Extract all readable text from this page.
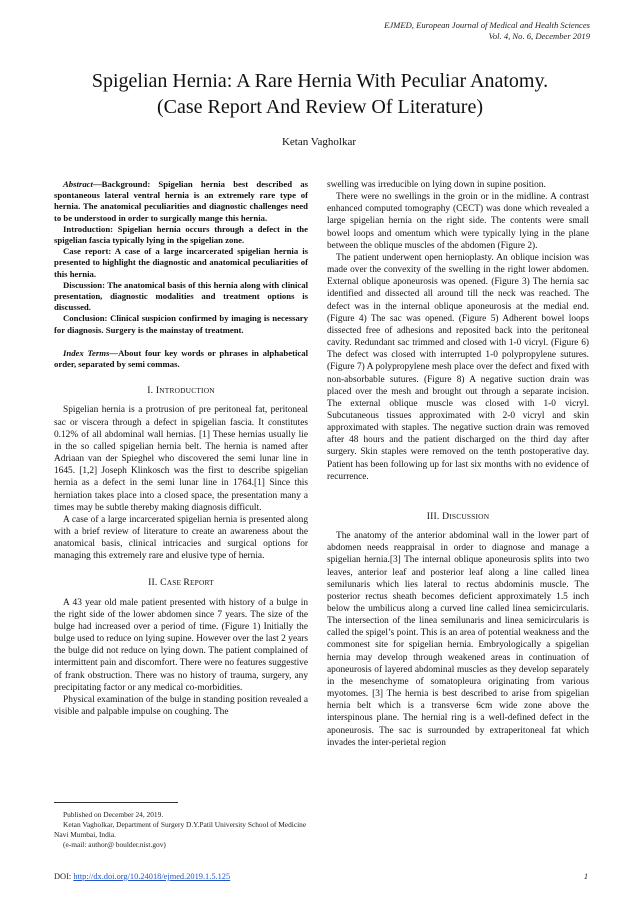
EJMED, European Journal of Medical and Health Sciences
Vol. 4, No. 6, December 2019
Spigelian Hernia: A Rare Hernia With Peculiar Anatomy.
(Case Report And Review Of Literature)
Ketan Vagholkar

Abstract—Background: Spigelian hernia best described as spontaneous lateral ventral hernia is an extremely rare type of hernia. The anatomical peculiarities and diagnostic challenges need to be understood in order to surgically mange this hernia.

Introduction: Spigelian hernia occurs through a defect in the spigelian fascia typically lying in the spigelian zone.

Case report: A case of a large incarcerated spigelian hernia is presented to highlight the diagnostic and anatomical peculiarities of this hernia.

Discussion: The anatomical basis of this hernia along with clinical presentation, diagnostic modalities and treatment options is discussed.

Conclusion: Clinical suspicion confirmed by imaging is necessary for diagnosis. Surgery is the mainstay of treatment.

Index Terms—About four key words or phrases in alphabetical order, separated by semi commas.

I. INTRODUCTION

Spigelian hernia is a protrusion of pre peritoneal fat, peritoneal sac or viscera through a defect in spigelian fascia. It constitutes 0.12% of all abdominal wall hernias. [1] These hernias usually lie in the so called spigelian hernia belt. The hernia is named after Adriaan van der Spieghel who discovered the semi lunar line in 1645. [1,2] Joseph Klinkosch was the first to describe spigelian hernia as a defect in the semi lunar line in 1764.[1] Since this herniation takes place into a closed space, the presentation many a times may be subtle thereby making diagnosis difficult.

A case of a large incarcerated spigelian hernia is presented along with a brief review of literature to create an awareness about the anatomical basis, clinical intricacies and surgical options for managing this extremely rare and elusive type of hernia.

II. CASE REPORT

A 43 year old male patient presented with history of a bulge in the right side of the lower abdomen since 7 years. The size of the bulge had increased over a period of time. (Figure 1) Initially the bulge used to reduce on lying supine. However over the last 2 years the bulge did not reduce on lying down. The patient complained of intermittent pain and discomfort. There were no features suggestive of frank obstruction. There was no history of trauma, surgery, any precipitating factor or any medical co-morbidities.

Physical examination of the bulge in standing position revealed a visible and palpable impulse on coughing. The

swelling was irreducible on lying down in supine position.

There were no swellings in the groin or in the midline. A contrast enhanced computed tomography (CECT) was done which revealed a large spigelian hernia on the right side. The contents were small bowel loops and omentum which were typically lying in the plane between the oblique muscles of the abdomen (Figure 2).

The patient underwent open hernioplasty. An oblique incision was made over the convexity of the swelling in the right lower abdomen. External oblique aponeurosis was opened. (Figure 3) The hernia sac identified and dissected all around till the neck was reached. The defect was in the internal oblique aponeurosis at the medial end. (Figure 4) The sac was opened. (Figure 5) Adherent bowel loops dissected free of adhesions and reposited back into the peritoneal cavity. Redundant sac trimmed and closed with 1-0 vicryl. (Figure 6) The defect was closed with interrupted 1-0 polypropylene sutures. (Figure 7) A polypropylene mesh place over the defect and fixed with non-absorbable sutures. (Figure 8) A negative suction drain was placed over the mesh and brought out through a separate incision. The external oblique muscle was closed with 1-0 vicryl. Subcutaneous tissues approximated with 2-0 vicryl and skin approximated with staples. The negative suction drain was removed after 48 hours and the patient discharged on the third day after surgery. Skin staples were removed on the tenth postoperative day. Patient has been following up for last six months with no evidence of recurrence.

III. DISCUSSION

The anatomy of the anterior abdominal wall in the lower part of abdomen needs reappraisal in order to diagnose and manage a spigelian hernia.[3] The internal oblique aponeurosis splits into two leaves, anterior leaf and posterior leaf along a line called linea semilunaris which lies lateral to rectus abdominis muscle. The posterior rectus sheath becomes deficient approximately 1.5 inch below the umbilicus along a curved line called linea semicircularis. The intersection of the linea semilunaris and linea semicircularis is called the spigel’s point. This is an area of potential weakness and the commonest site for spigelian hernia. Embryologically a spigelian hernia may develop through weakened areas in continuation of aponeurosis of layered abdominal muscles as they develop separately in the mesenchyme of somatopleura originating from various myotomes. [3] The hernia is best described to arise from spigelian hernia belt which is a transverse 6cm wide zone above the interspinous plane. The hernial ring is a well-defined defect in the aponeurosis. The sac is surrounded by extraperitoneal fat which invades the inter-perietal region

Published on December 24, 2019.

Ketan Vagholkar, Department of Surgery D.Y.Patil University School of Medicine Navi Mumbai, India.

(e-mail: author@ boulder.nist.gov)

DOI: http://dx.doi.org/10.24018/ejmed.2019.1.5.125	1
